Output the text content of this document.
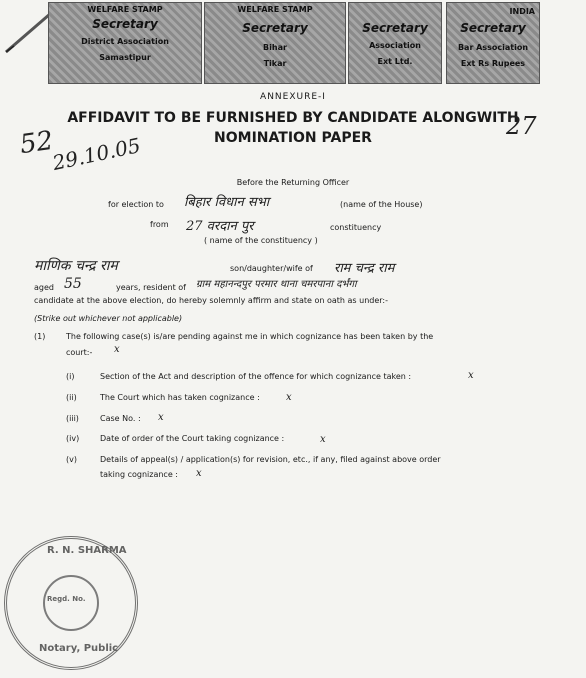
WELFARE STAMP
Secretary
District Association
Samastipur
WELFARE STAMP
Secretary
Bihar
Tikar
Secretary
Association
Ext Ltd.
Secretary
INDIA
Bar Association
Ext Rs Rupees
ANNEXURE-I
AFFIDAVIT TO BE FURNISHED BY CANDIDATE ALONGWITH
NOMINATION PAPER
52
29.10.05
27
Before the Returning Officer
for election to बिहार विधान सभा	(name of the House)
from 27 वरदान पुर	constituency
( name of the constituency )
माणिक चन्द्र राम	son/daughter/wife of राम चन्द्र राम
aged 55	years, resident of ग्राम महानन्दपुर परमार थाना चमरपाना दर्भंगा
candidate at the above election, do hereby solemnly affirm and state on oath as under:-
(Strike out whichever not applicable)
(1)	The following case(s) is/are pending against me in which cognizance has been taken by the
court:- x
(i)	Section of the Act and description of the offence for which cognizance taken :	x
(ii)	The Court which has taken cognizance :	x
(iii)	Case No. : x
(iv)	Date of order of the Court taking cognizance :	x
(v)	Details of appeal(s) / application(s) for revision, etc., if any, filed against above order
taking cognizance : x
R. N. SHARMA
Notary, Public
Regd. No.
